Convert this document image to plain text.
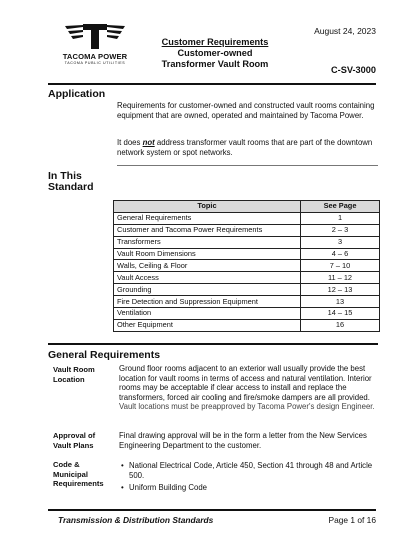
TACOMA POWER
TACOMA PUBLIC UTILITIES
August 24, 2023
Customer Requirements
Customer-owned
Transformer Vault Room
C-SV-3000
Application
Requirements for customer-owned and constructed vault rooms containing equipment that are owned, operated and maintained by Tacoma Power.
It does not address transformer vault rooms that are part of the downtown network system or spot networks.
In This
Standard
Topic	See Page
General Requirements	1
Customer and Tacoma Power Requirements	2 – 3
Transformers	3
Vault Room Dimensions	4 – 6
Walls, Ceiling & Floor	7 – 10
Vault Access	11 – 12
Grounding	12 – 13
Fire Detection and Suppression Equipment	13
Ventilation	14 – 15
Other Equipment	16
General Requirements
Vault Room
Location
Ground floor rooms adjacent to an exterior wall usually provide the best location for vault rooms in terms of access and natural ventilation. Interior rooms may be acceptable if clear access to install and replace the transformers, forced air cooling and fire/smoke dampers are all provided. Vault locations must be preapproved by Tacoma Power's design Engineer.
Approval of
Vault Plans
Final drawing approval will be in the form a letter from the New Services Engineering Department to the customer.
Code &
Municipal
Requirements
• National Electrical Code, Article 450, Section 41 through 48 and Article 500.
• Uniform Building Code
Transmission & Distribution Standards	Page 1 of 16
